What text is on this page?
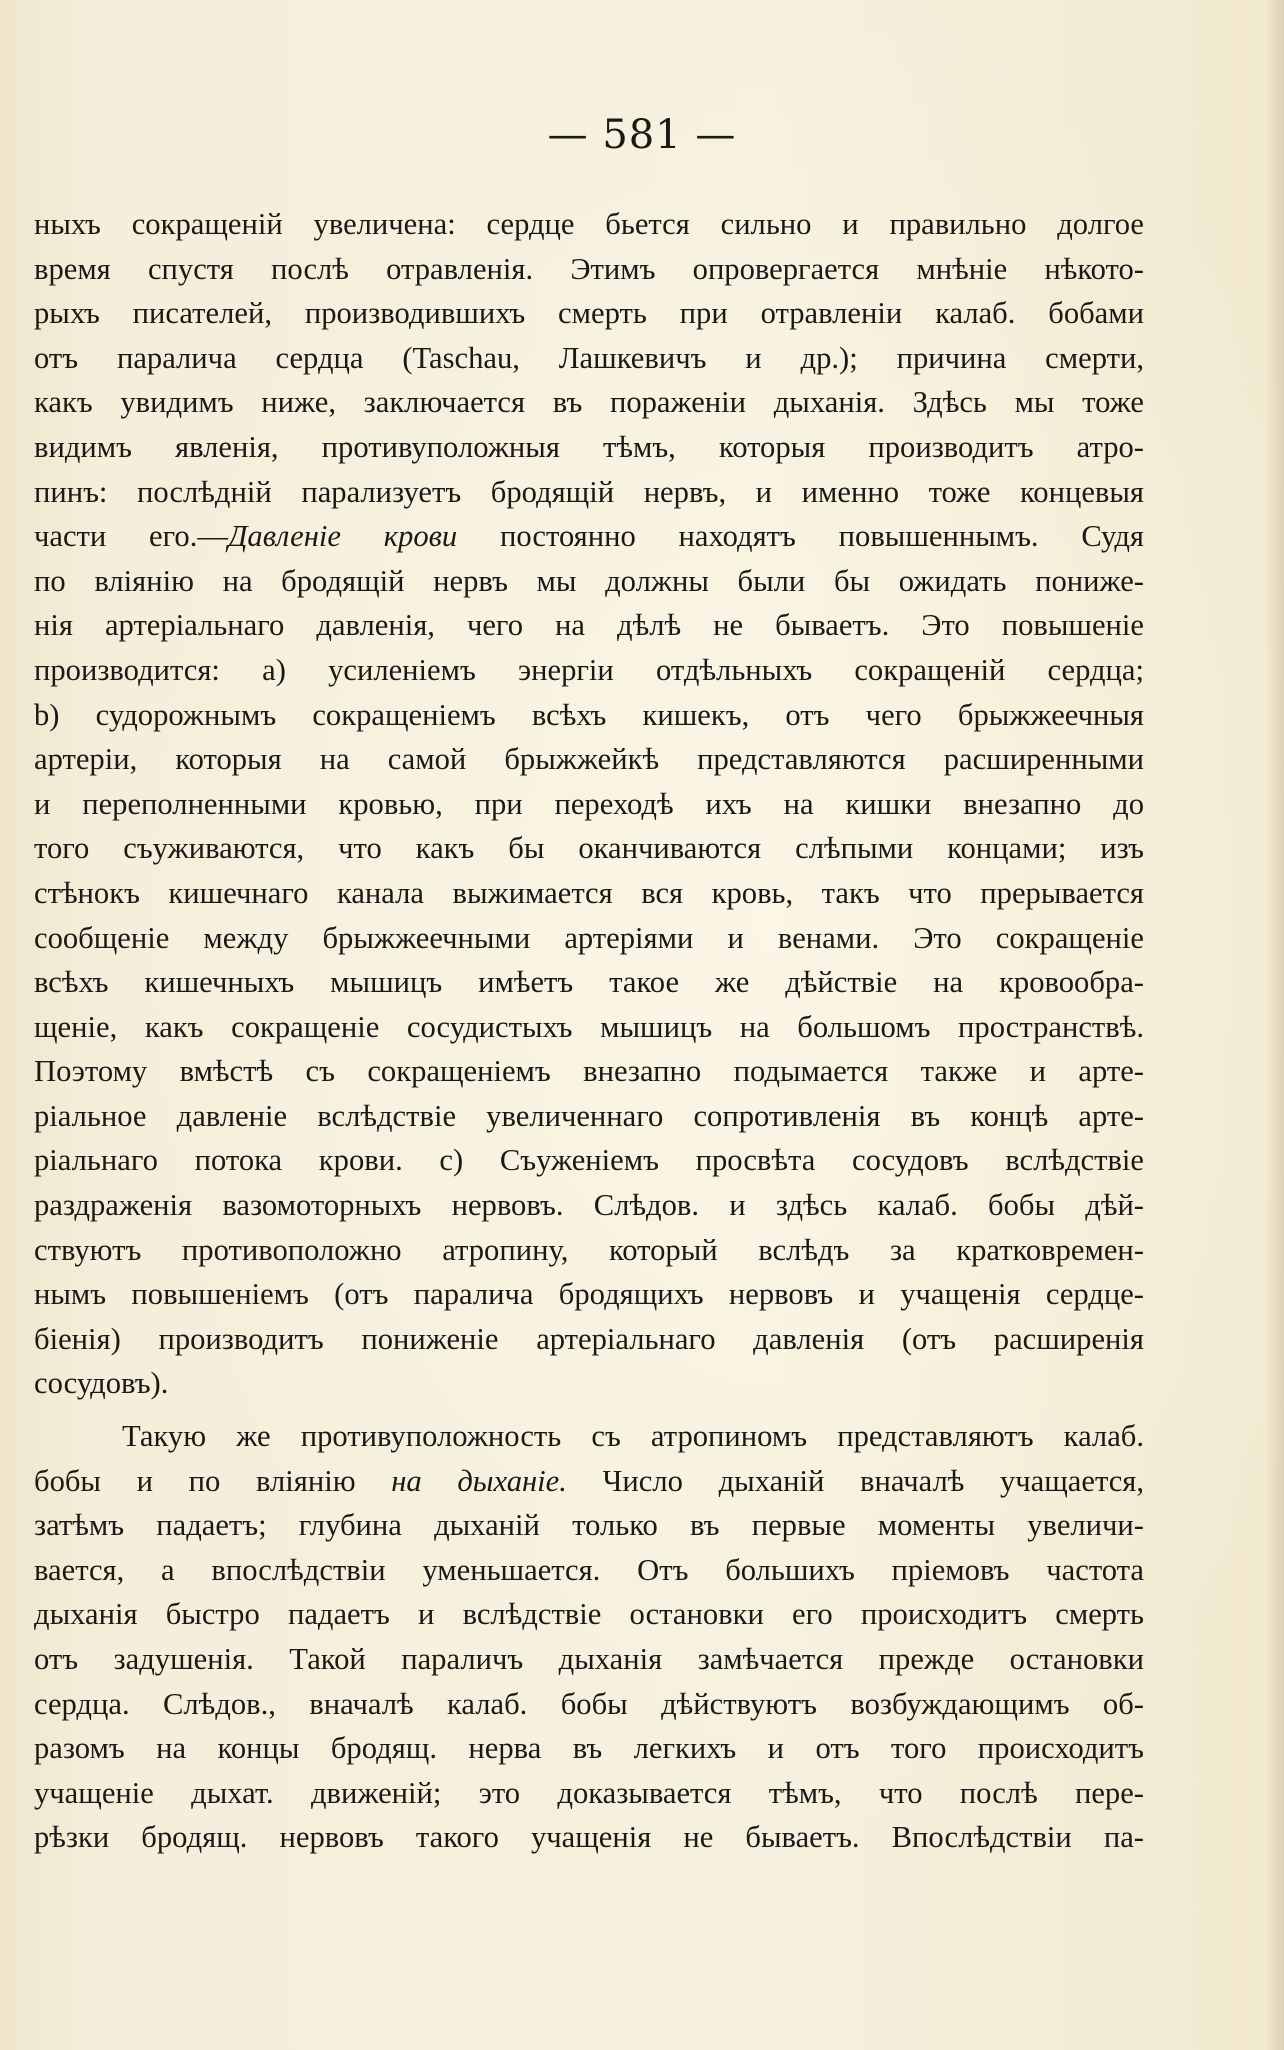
— 581 —
ныхъ сокращенiй увеличена: сердце бьется сильно и правильно долгое
время спустя послѣ отравленiя. Этимъ опровергается мнѣнiе нѣкото-
рыхъ писателей, производившихъ смерть при отравленiи калаб. бобами
отъ паралича сердца (Taschau, Лашкевичъ и др.); причина смерти,
какъ увидимъ ниже, заключается въ пораженiи дыханiя. Здѣсь мы тоже
видимъ явленiя, противуположныя тѣмъ, которыя производитъ атро-
пинъ: послѣднiй парализуетъ бродящiй нервъ, и именно тоже концевыя
части его.—Давленiе крови постоянно находятъ повышеннымъ. Судя
по влiянiю на бродящiй нервъ мы должны были бы ожидать пониже-
нiя артерiальнаго давленiя, чего на дѣлѣ не бываетъ. Это повышенiе
производится: a) усиленiемъ энергiи отдѣльныхъ сокращенiй сердца;
b) судорожнымъ сокращенiемъ всѣхъ кишекъ, отъ чего брыжжеечныя
артерiи, которыя на самой брыжжейкѣ представляются расширенными
и переполненными кровью, при переходѣ ихъ на кишки внезапно до
того съуживаются, что какъ бы оканчиваются слѣпыми концами; изъ
стѣнокъ кишечнаго канала выжимается вся кровь, такъ что прерывается
сообщенiе между брыжжеечными артерiями и венами. Это сокращенiе
всѣхъ кишечныхъ мышицъ имѣетъ такое же дѣйствiе на кровообра-
щенiе, какъ сокращенiе сосудистыхъ мышицъ на большомъ пространствѣ.
Поэтому вмѣстѣ съ сокращенiемъ внезапно подымается также и арте-
рiальное давленiе вслѣдствiе увеличеннаго сопротивленiя въ концѣ арте-
рiальнаго потока крови. c) Съуженiемъ просвѣта сосудовъ вслѣдствiе
раздраженiя вазомоторныхъ нервовъ. Слѣдов. и здѣсь калаб. бобы дѣй-
ствуютъ противоположно атропину, который вслѣдъ за кратковремен-
нымъ повышенiемъ (отъ паралича бродящихъ нервовъ и учащенiя сердце-
бiенiя) производитъ пониженiе артерiальнаго давленiя (отъ расширенiя
сосудовъ).
Такую же противуположность съ атропиномъ представляютъ калаб.
бобы и по влiянiю на дыханiе. Число дыханiй вначалѣ учащается,
затѣмъ падаетъ; глубина дыханiй только въ первые моменты увеличи-
вается, а впослѣдствiи уменьшается. Отъ большихъ прiемовъ частота
дыханiя быстро падаетъ и вслѣдствiе остановки его происходитъ смерть
отъ задушенiя. Такой параличъ дыханiя замѣчается прежде остановки
сердца. Слѣдов., вначалѣ калаб. бобы дѣйствуютъ возбуждающимъ об-
разомъ на концы бродящ. нерва въ легкихъ и отъ того происходитъ
учащенiе дыхат. движенiй; это доказывается тѣмъ, что послѣ пере-
рѣзки бродящ. нервовъ такого учащенiя не бываетъ. Впослѣдствiи па-
